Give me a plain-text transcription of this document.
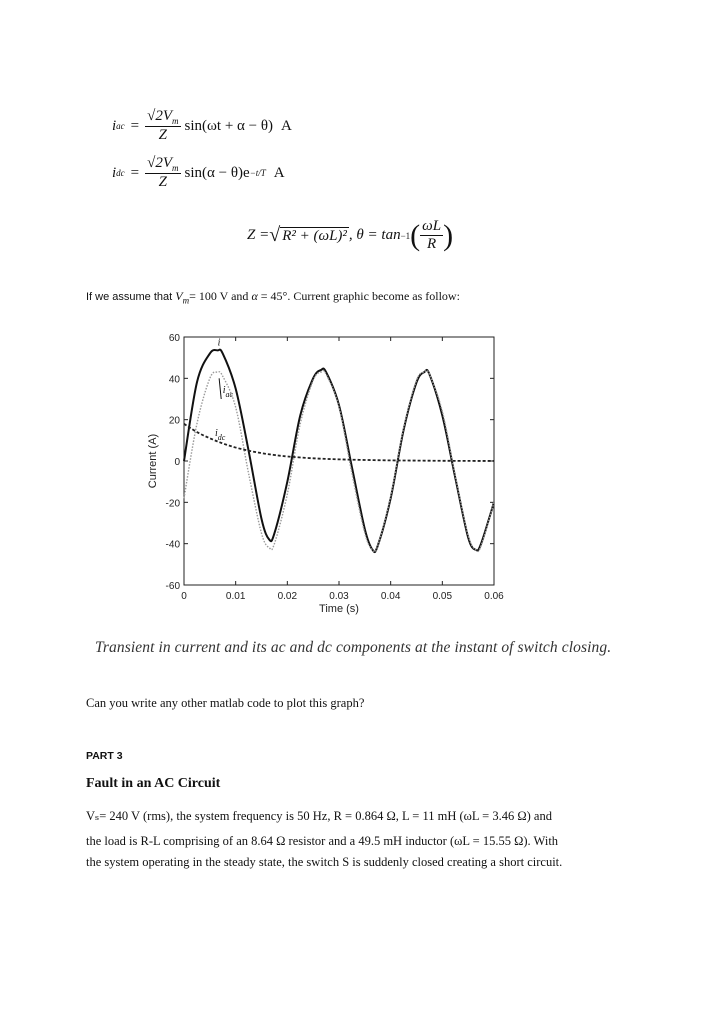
i ac = $\frac{√2V_m}{Z} \sin(\omega t + \alpha - \theta)$ A
i dc = $\frac{√2V_m}{Z} \sin(\alpha - \theta)e -t/T$ A
Z = √ R² + (ωL)² , θ = tan −1 ( $\frac{\omega L}{R}$ )
If we assume that $V_m= 100$ V and α = 45°. Current graphic become as follow:
0	0.01	0.02	0.03	0.04	0.05	0.06
60
40
20
0
-20
-40
-60
Time (s)
Current (A)
i
$i_{ac}$
$i_{dc}$
Transient in current and its ac and dc components at the instant of switch closing.
Can you write any other matlab code to plot this graph?
PART 3
Fault in an AC Circuit
Vₛ= 240 V (rms), the system frequency is 50 Hz, R = 0.864 Ω, L = 11 mH (ωL = 3.46 Ω) and
the load is R-L comprising of an 8.64 Ω resistor and a 49.5 mH inductor (ωL = 15.55 Ω). With
the system operating in the steady state, the switch S is suddenly closed creating a short circuit.
